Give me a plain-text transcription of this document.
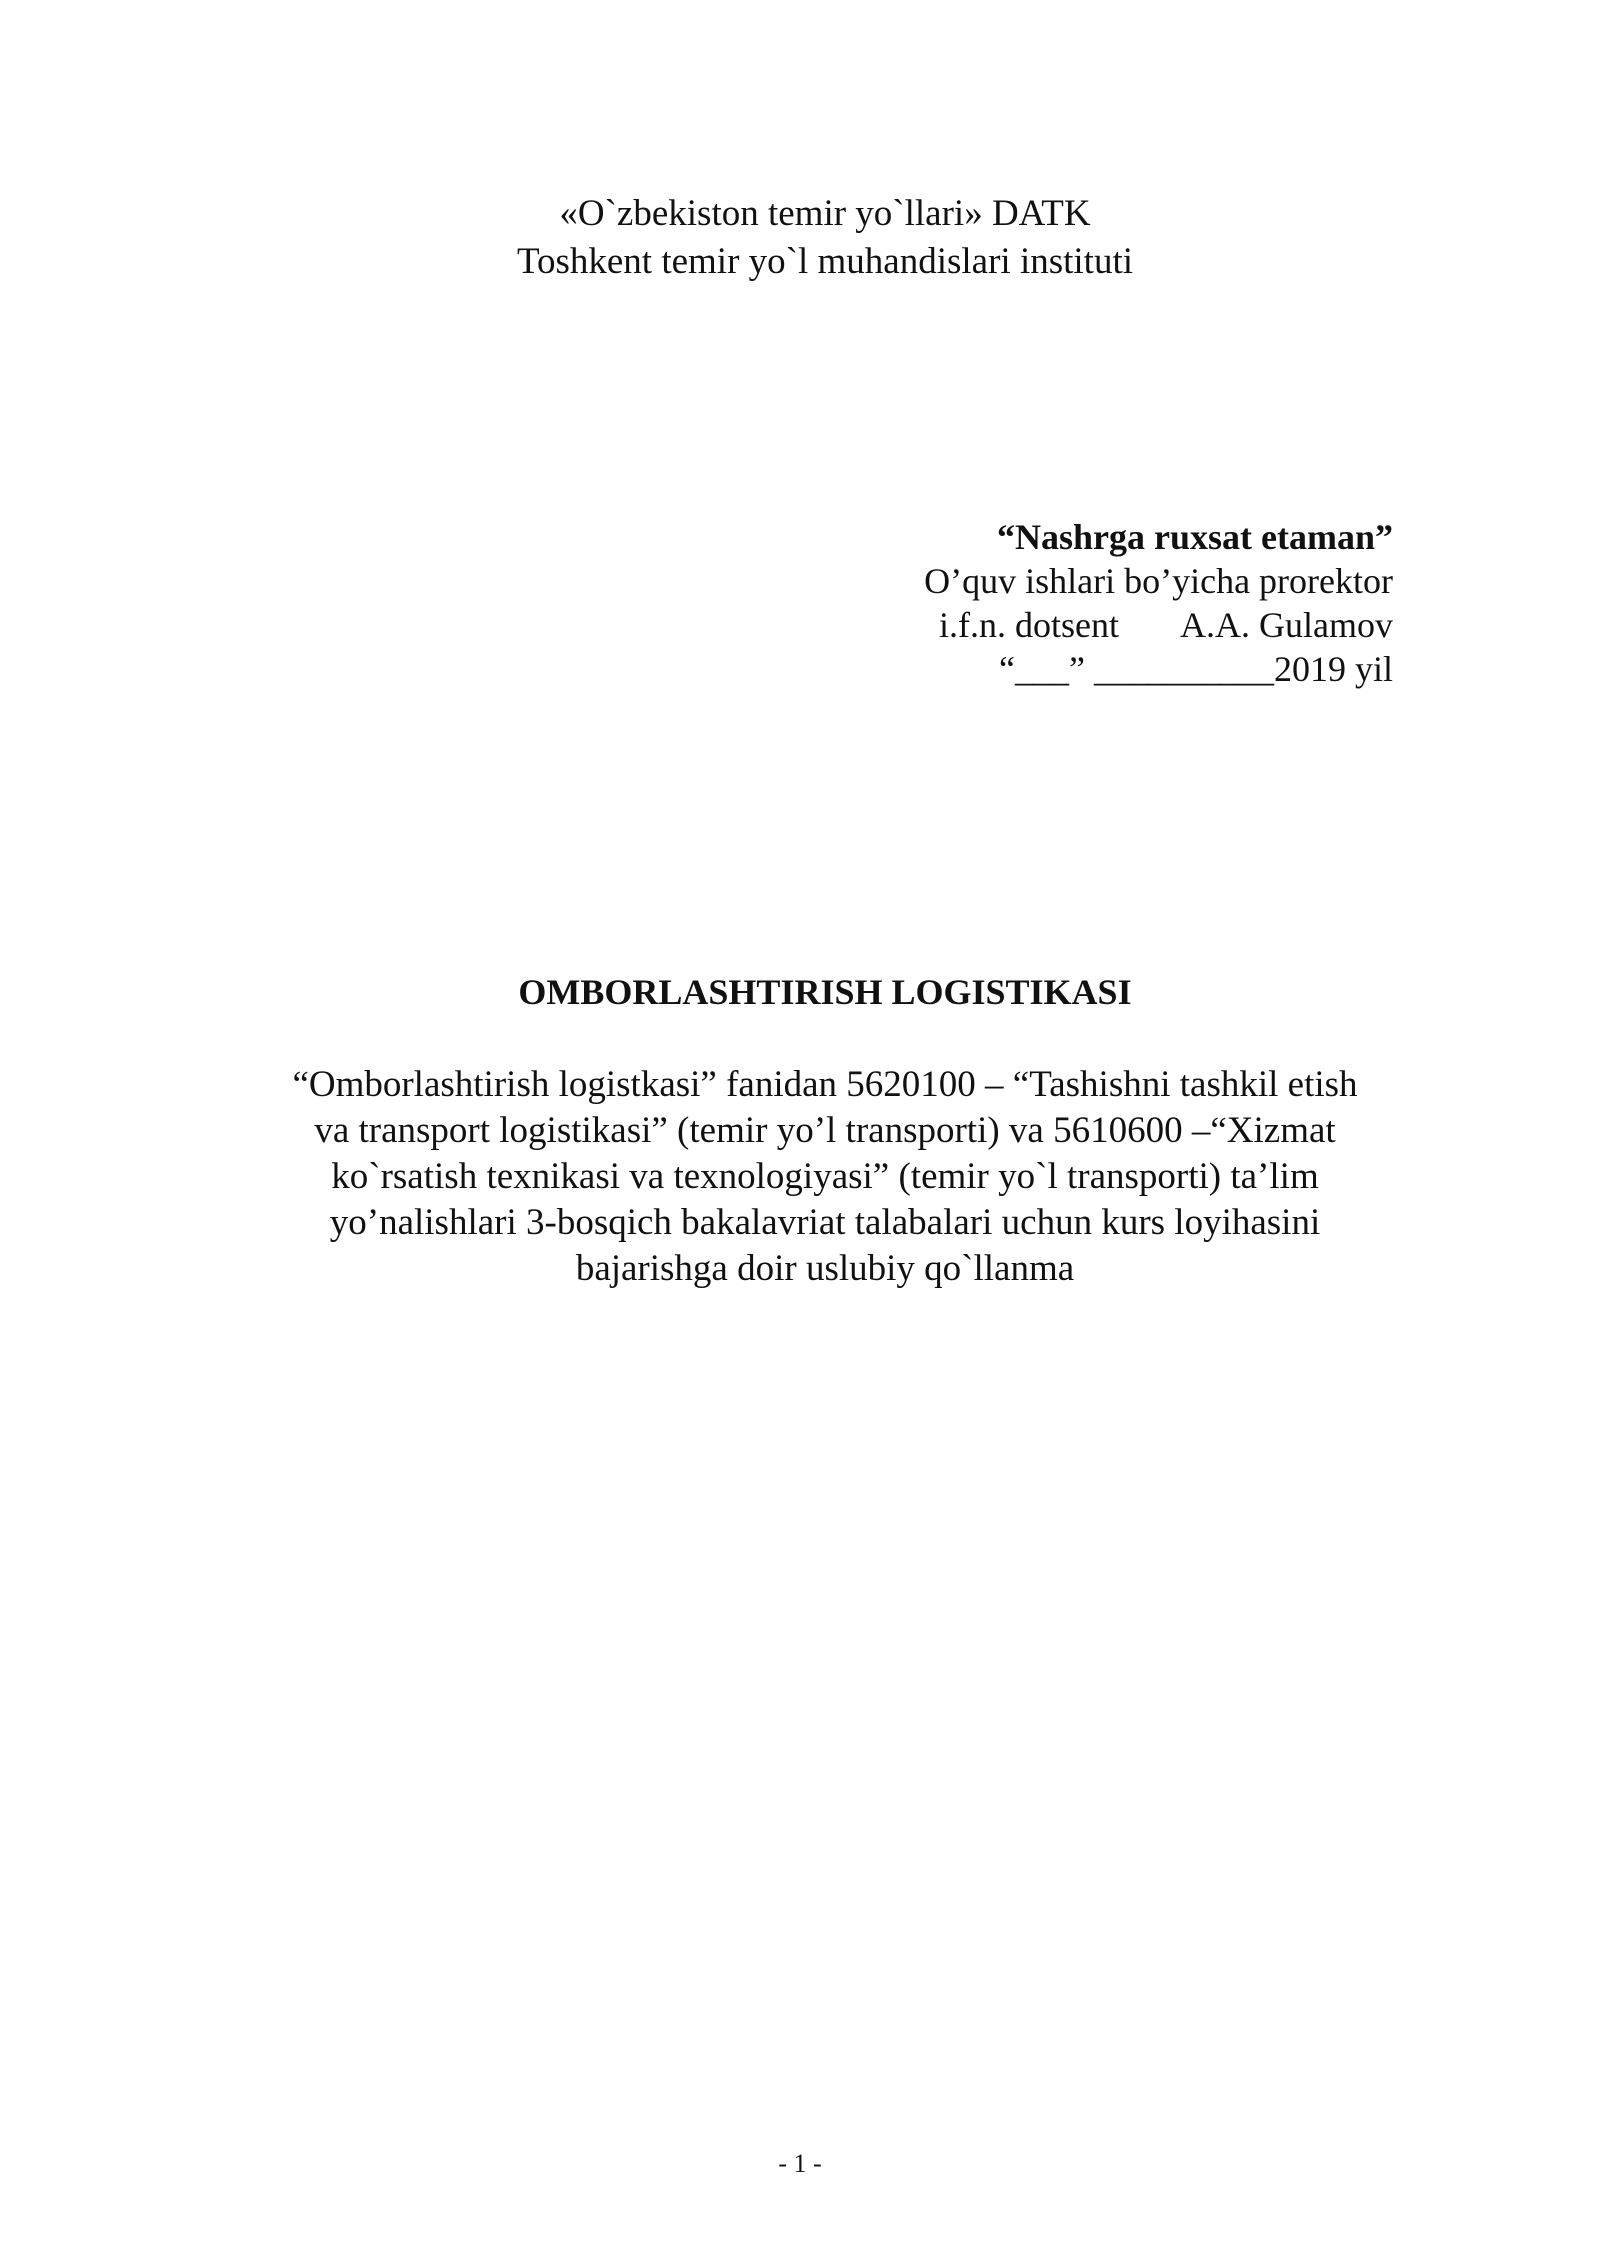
«O`zbekiston temir yo`llari» DATK
Toshkent temir yo`l muhandislari instituti
“Nashrga ruxsat etaman”
O’quv ishlari bo’yicha prorektor
i.f.n. dotsent       A.A. Gulamov
“___” __________2019 yil
OMBORLASHTIRISH LOGISTIKASI
“Omborlashtirish logistkasi” fanidan 5620100 – “Tashishni tashkil etish
va transport logistikasi” (temir yo’l transporti) va 5610600 –“Xizmat
ko`rsatish texnikasi va texnologiyasi” (temir yo`l transporti) ta’lim
yo’nalishlari 3-bosqich bakalavriat talabalari uchun kurs loyihasini
bajarishga doir uslubiy qo`llanma
- 1 -
